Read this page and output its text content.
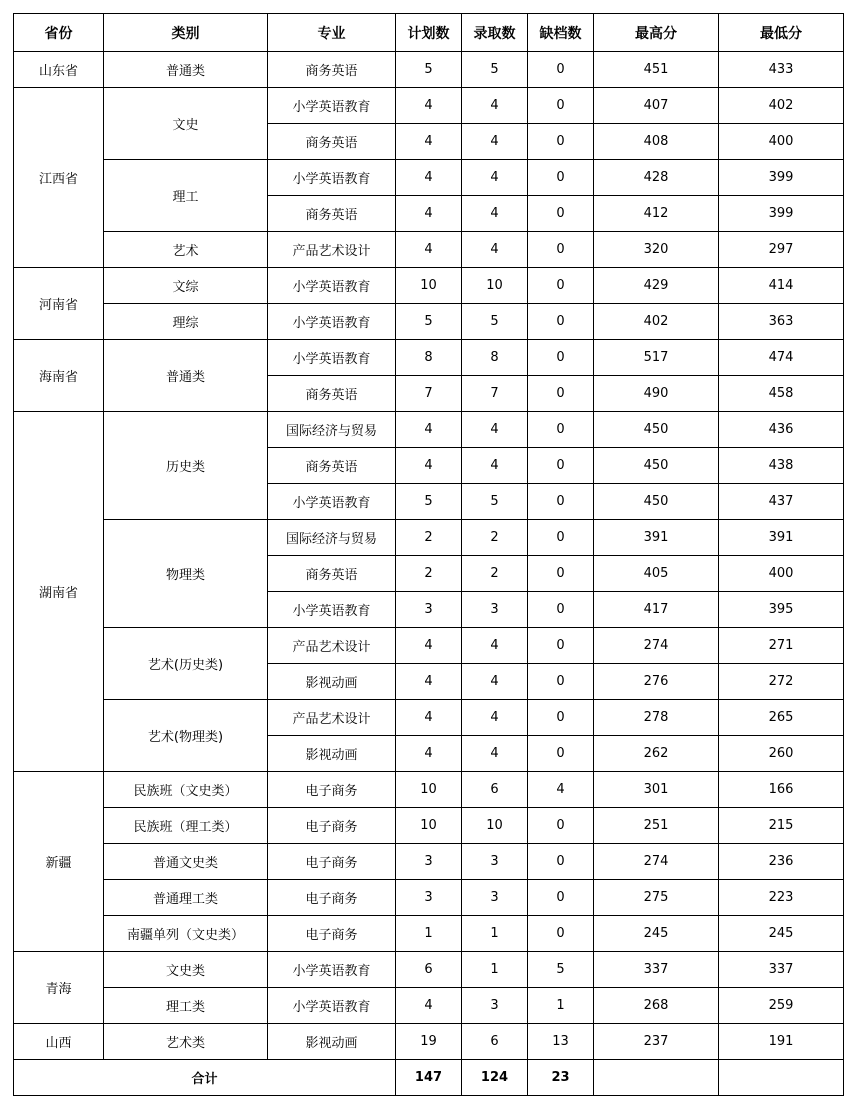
省份	类别	专业	计划数	录取数	缺档数	最高分	最低分
山东省	普通类	商务英语	5	5	0	451	433
江西省	文史	小学英语教育	4	4	0	407	402
		商务英语	4	4	0	408	400
	理工	小学英语教育	4	4	0	428	399
		商务英语	4	4	0	412	399
	艺术	产品艺术设计	4	4	0	320	297
河南省	文综	小学英语教育	10	10	0	429	414
	理综	小学英语教育	5	5	0	402	363
海南省	普通类	小学英语教育	8	8	0	517	474
		商务英语	7	7	0	490	458
湖南省	历史类	国际经济与贸易	4	4	0	450	436
		商务英语	4	4	0	450	438
		小学英语教育	5	5	0	450	437
	物理类	国际经济与贸易	2	2	0	391	391
		商务英语	2	2	0	405	400
		小学英语教育	3	3	0	417	395
	艺术(历史类)	产品艺术设计	4	4	0	274	271
		影视动画	4	4	0	276	272
	艺术(物理类)	产品艺术设计	4	4	0	278	265
		影视动画	4	4	0	262	260
新疆	民族班（文史类）	电子商务	10	6	4	301	166
	民族班（理工类）	电子商务	10	10	0	251	215
	普通文史类	电子商务	3	3	0	274	236
	普通理工类	电子商务	3	3	0	275	223
	南疆单列（文史类）	电子商务	1	1	0	245	245
青海	文史类	小学英语教育	6	1	5	337	337
	理工类	小学英语教育	4	3	1	268	259
山西	艺术类	影视动画	19	6	13	237	191
合计			147	124	23		
